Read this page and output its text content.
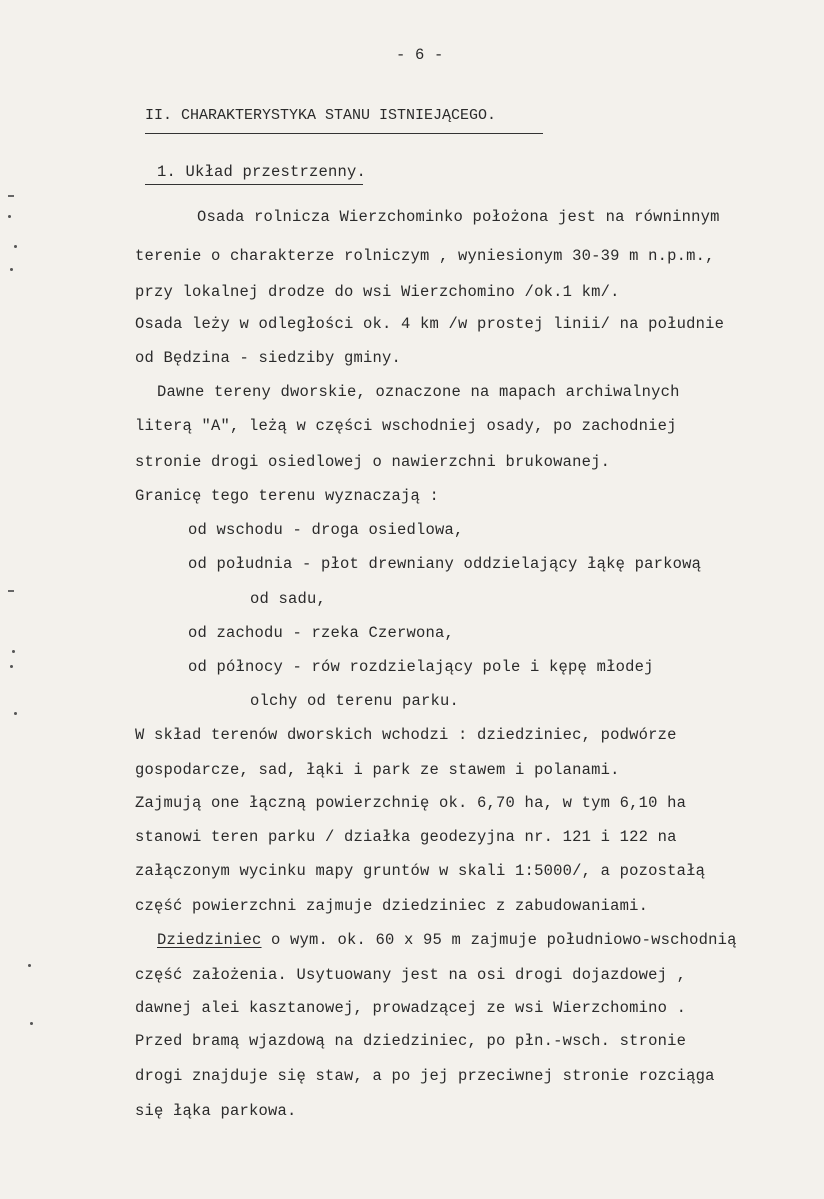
- 6 -
II. CHARAKTERYSTYKA STANU ISTNIEJĄCEGO.
1. Układ przestrzenny.
Osada rolnicza Wierzchominko położona jest na równinnym
terenie o charakterze rolniczym , wyniesionym 30-39 m n.p.m.,
przy lokalnej drodze do wsi Wierzchomino /ok.1 km/.
Osada leży w odległości ok. 4 km /w prostej linii/ na południe
od Będzina - siedziby gminy.
Dawne tereny dworskie, oznaczone na mapach archiwalnych
literą "A", leżą w części wschodniej osady, po zachodniej
stronie drogi osiedlowej o nawierzchni brukowanej.
Granicę tego terenu wyznaczają :
od wschodu - droga osiedlowa,
od południa - płot drewniany oddzielający łąkę parkową
od sadu,
od zachodu - rzeka Czerwona,
od północy - rów rozdzielający pole i kępę młodej
olchy od terenu parku.
W skład terenów dworskich wchodzi : dziedziniec, podwórze
gospodarcze, sad, łąki i park ze stawem i polanami.
Zajmują one łączną powierzchnię ok. 6,70 ha, w tym 6,10 ha
stanowi teren parku / działka geodezyjna nr. 121 i 122 na
załączonym wycinku mapy gruntów w skali 1:5000/, a pozostałą
część powierzchni zajmuje dziedziniec z zabudowaniami.
Dziedziniec o wym. ok. 60 x 95 m zajmuje południowo-wschodnią
część założenia. Usytuowany jest na osi drogi dojazdowej ,
dawnej alei kasztanowej, prowadzącej ze wsi Wierzchomino .
Przed bramą wjazdową na dziedziniec, po płn.-wsch. stronie
drogi znajduje się staw, a po jej przeciwnej stronie rozciąga
się łąka parkowa.
